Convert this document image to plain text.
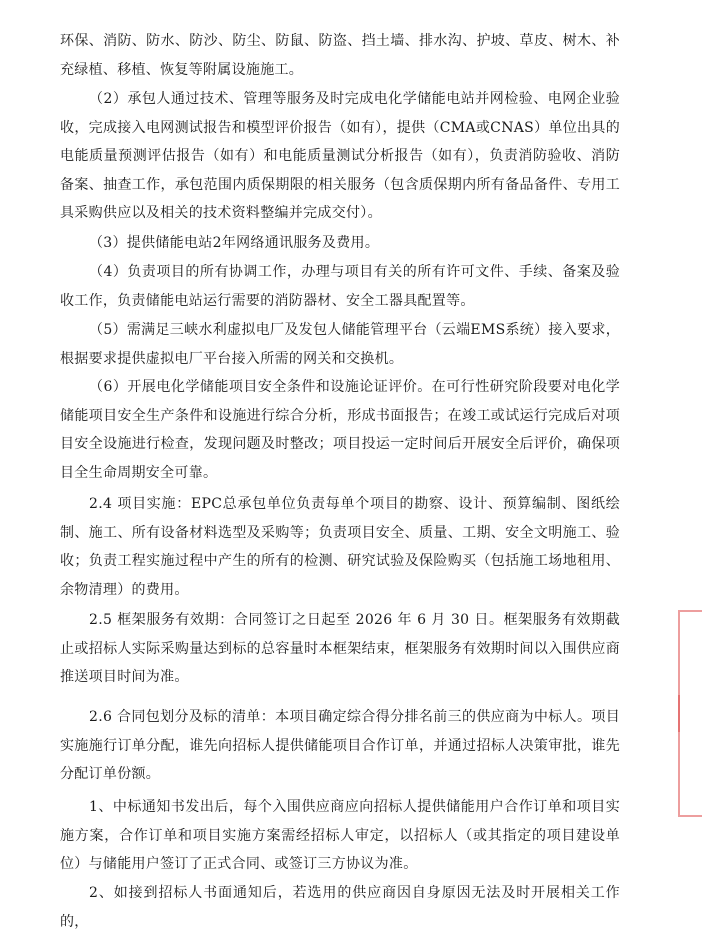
环保、消防、防水、防沙、防尘、防鼠、防盗、挡土墙、排水沟、护坡、草皮、树木、补充绿植、移植、恢复等附属设施施工。

（2）承包人通过技术、管理等服务及时完成电化学储能电站并网检验、电网企业验收，完成接入电网测试报告和模型评价报告（如有），提供（CMA或CNAS）单位出具的电能质量预测评估报告（如有）和电能质量测试分析报告（如有），负责消防验收、消防备案、抽查工作，承包范围内质保期限的相关服务（包含质保期内所有备品备件、专用工具采购供应以及相关的技术资料整编并完成交付）。

（3）提供储能电站2年网络通讯服务及费用。

（4）负责项目的所有协调工作，办理与项目有关的所有许可文件、手续、备案及验收工作，负责储能电站运行需要的消防器材、安全工器具配置等。

（5）需满足三峡水利虚拟电厂及发包人储能管理平台（云端EMS系统）接入要求，根据要求提供虚拟电厂平台接入所需的网关和交换机。

（6）开展电化学储能项目安全条件和设施论证评价。在可行性研究阶段要对电化学储能项目安全生产条件和设施进行综合分析，形成书面报告；在竣工或试运行完成后对项目安全设施进行检查，发现问题及时整改；项目投运一定时间后开展安全后评价，确保项目全生命周期安全可靠。

2.4 项目实施：EPC总承包单位负责每单个项目的勘察、设计、预算编制、图纸绘制、施工、所有设备材料选型及采购等；负责项目安全、质量、工期、安全文明施工、验收；负责工程实施过程中产生的所有的检测、研究试验及保险购买（包括施工场地租用、余物清理）的费用。

2.5 框架服务有效期：合同签订之日起至 2026 年 6 月 30 日。框架服务有效期截止或招标人实际采购量达到标的总容量时本框架结束，框架服务有效期时间以入围供应商推送项目时间为准。

2.6 合同包划分及标的清单：本项目确定综合得分排名前三的供应商为中标人。项目实施施行订单分配，谁先向招标人提供储能项目合作订单，并通过招标人决策审批，谁先分配订单份额。

1、中标通知书发出后，每个入围供应商应向招标人提供储能用户合作订单和项目实施方案，合作订单和项目实施方案需经招标人审定，以招标人（或其指定的项目建设单位）与储能用户签订了正式合同、或签订三方协议为准。

2、如接到招标人书面通知后，若选用的供应商因自身原因无法及时开展相关工作的，
